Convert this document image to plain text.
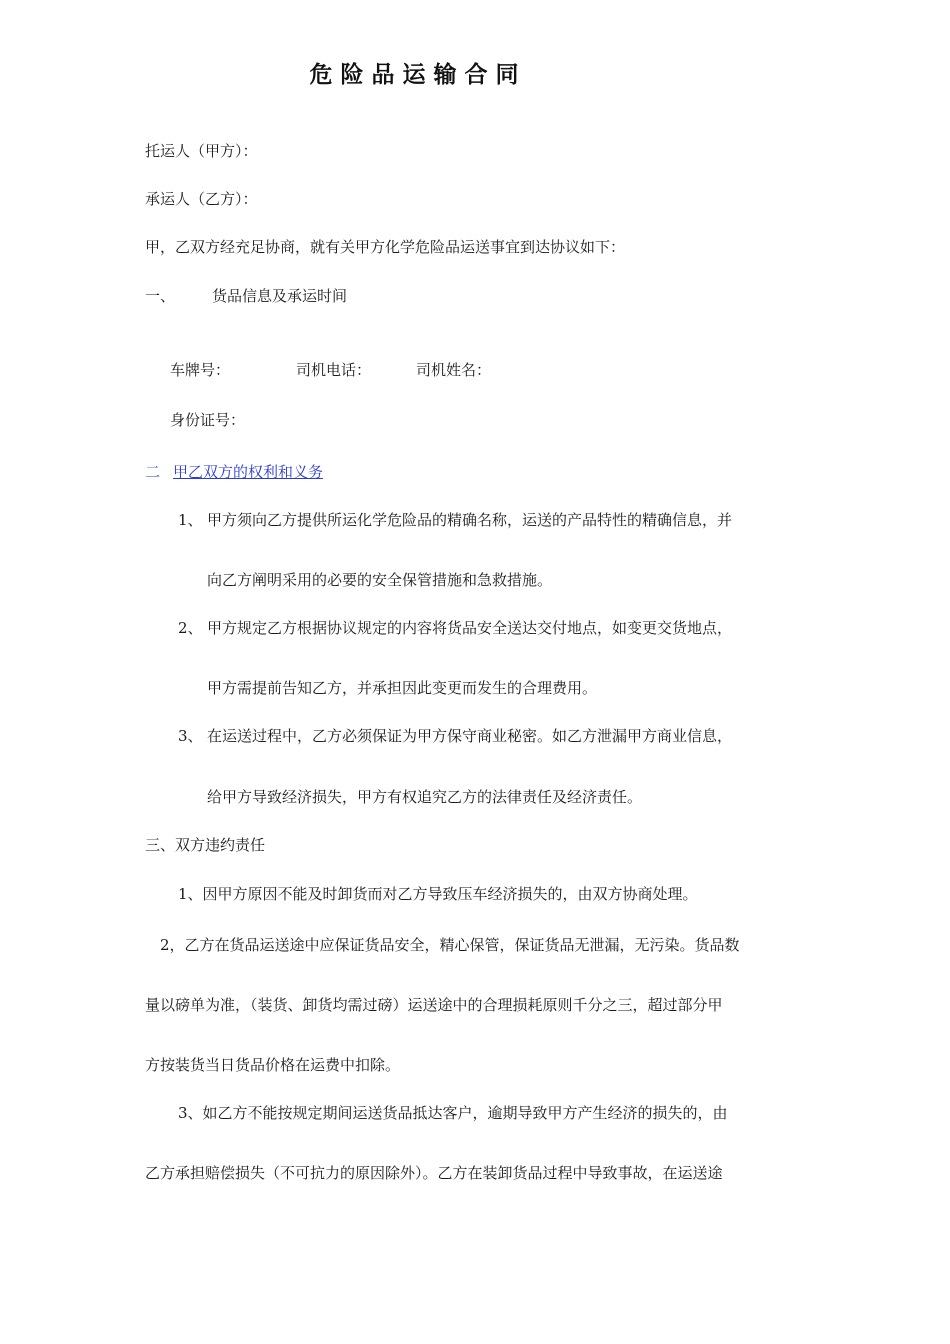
危险品运输合同
托运人（甲方）：
承运人（乙方）：
甲，乙双方经充足协商，就有关甲方化学危险品运送事宜到达协议如下：
一、 货品信息及承运时间
车牌号：	司机电话：	司机姓名：
身份证号：
二 甲乙双方的权利和义务
1、 甲方须向乙方提供所运化学危险品的精确名称，运送的产品特性的精确信息，并
向乙方阐明采用的必要的安全保管措施和急救措施。
2、 甲方规定乙方根据协议规定的内容将货品安全送达交付地点，如变更交货地点，
甲方需提前告知乙方，并承担因此变更而发生的合理费用。
3、 在运送过程中，乙方必须保证为甲方保守商业秘密。如乙方泄漏甲方商业信息，
给甲方导致经济损失，甲方有权追究乙方的法律责任及经济责任。
三、双方违约责任
1、因甲方原因不能及时卸货而对乙方导致压车经济损失的，由双方协商处理。
2，乙方在货品运送途中应保证货品安全，精心保管，保证货品无泄漏，无污染。货品数
量以磅单为准，（装货、卸货均需过磅）运送途中的合理损耗原则千分之三，超过部分甲
方按装货当日货品价格在运费中扣除。
3、如乙方不能按规定期间运送货品抵达客户，逾期导致甲方产生经济的损失的，由
乙方承担赔偿损失（不可抗力的原因除外）。乙方在装卸货品过程中导致事故，在运送途
